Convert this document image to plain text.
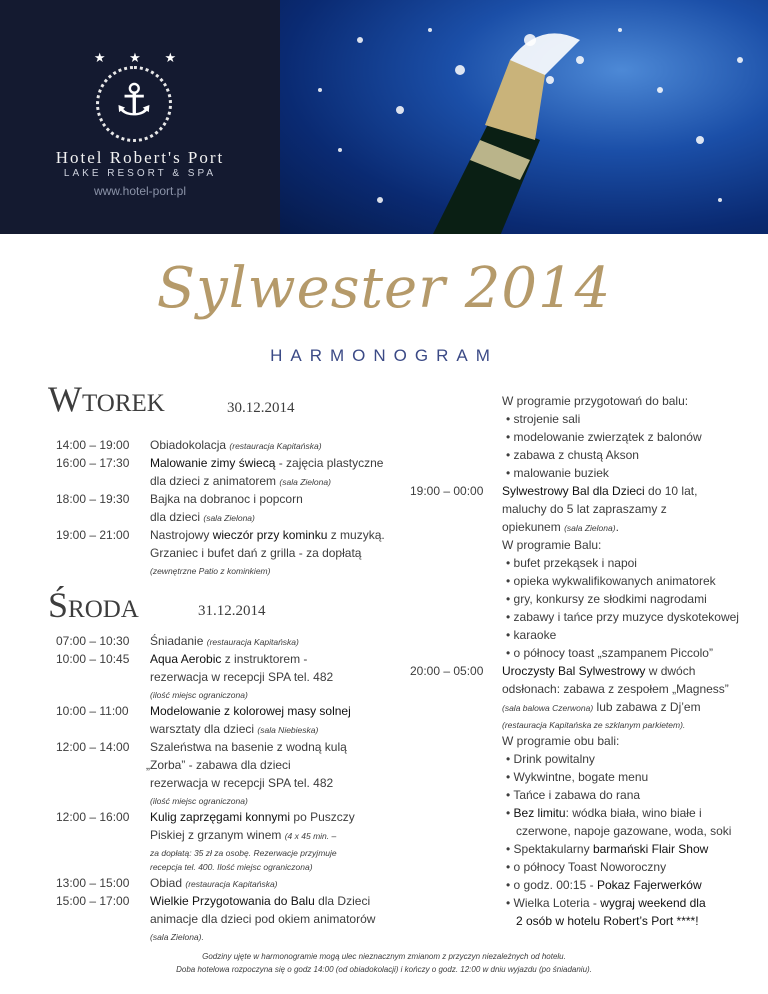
★ ★ ★
⚓
Hotel Robert's Port
LAKE RESORT & SPA
www.hotel-port.pl
Sylwester 2014
HARMONOGRAM
Wtorek	30.12.2014
14:00 – 19:00 Obiadokolacja (restauracja Kapitańska)
16:00 – 17:30 Malowanie zimy świecą - zajęcia plastyczne
dla dzieci z animatorem (sala Zielona)
18:00 – 19:30 Bajka na dobranoc i popcorn
dla dzieci (sala Zielona)
19:00 – 21:00 Nastrojowy wieczór przy kominku z muzyką.
Grzaniec i bufet dań z grilla - za dopłatą
(zewnętrzne Patio z kominkiem)
Środa	31.12.2014
07:00 – 10:30 Śniadanie (restauracja Kapitańska)
10:00 – 10:45 Aqua Aerobic z instruktorem -
rezerwacja w recepcji SPA tel. 482
(ilość miejsc ograniczona)
10:00 – 11:00 Modelowanie z kolorowej masy solnej
warsztaty dla dzieci (sala Niebieska)
12:00 – 14:00 Szaleństwa na basenie z wodną kulą
„Zorba” - zabawa dla dzieci
rezerwacja w recepcji SPA tel. 482
(ilość miejsc ograniczona)
12:00 – 16:00 Kulig zaprzęgami konnymi po Puszczy
Piskiej z grzanym winem (4 x 45 min. –
za dopłatą: 35 zł za osobę. Rezerwacje przyjmuje
recepcja tel. 400. Ilość miejsc ograniczona)
13:00 – 15:00 Obiad (restauracja Kapitańska)
15:00 – 17:00 Wielkie Przygotowania do Balu dla Dzieci
animacje dla dzieci pod okiem animatorów
(sala Zielona).
W programie przygotowań do balu:
• strojenie sali
• modelowanie zwierzątek z balonów
• zabawa z chustą Akson
• malowanie buziek
19:00 – 00:00 Sylwestrowy Bal dla Dzieci do 10 lat,
maluchy do 5 lat zapraszamy z
opiekunem (sala Zielona).
W programie Balu:
• bufet przekąsek i napoi
• opieka wykwalifikowanych animatorek
• gry, konkursy ze słodkimi nagrodami
• zabawy i tańce przy muzyce dyskotekowej
• karaoke
• o północy toast „szampanem Piccolo”
20:00 – 05:00 Uroczysty Bal Sylwestrowy w dwóch
odsłonach: zabawa z zespołem „Magness”
(sala balowa Czerwona) lub zabawa z Dj’em
(restauracja Kapitańska ze szklanym parkietem).
W programie obu bali:
• Drink powitalny
• Wykwintne, bogate menu
• Tańce i zabawa do rana
• Bez limitu: wódka biała, wino białe i
czerwone, napoje gazowane, woda, soki
• Spektakularny barmański Flair Show
• o północy Toast Noworoczny
• o godz. 00:15 - Pokaz Fajerwerków
• Wielka Loteria - wygraj weekend dla
2 osób w hotelu Robert’s Port ****!
Godziny ujęte w harmonogramie mogą ulec nieznacznym zmianom z przyczyn niezależnych od hotelu.
Doba hotelowa rozpoczyna się o godz 14:00 (od obiadokolacji) i kończy o godz. 12:00 w dniu wyjazdu (po śniadaniu).
